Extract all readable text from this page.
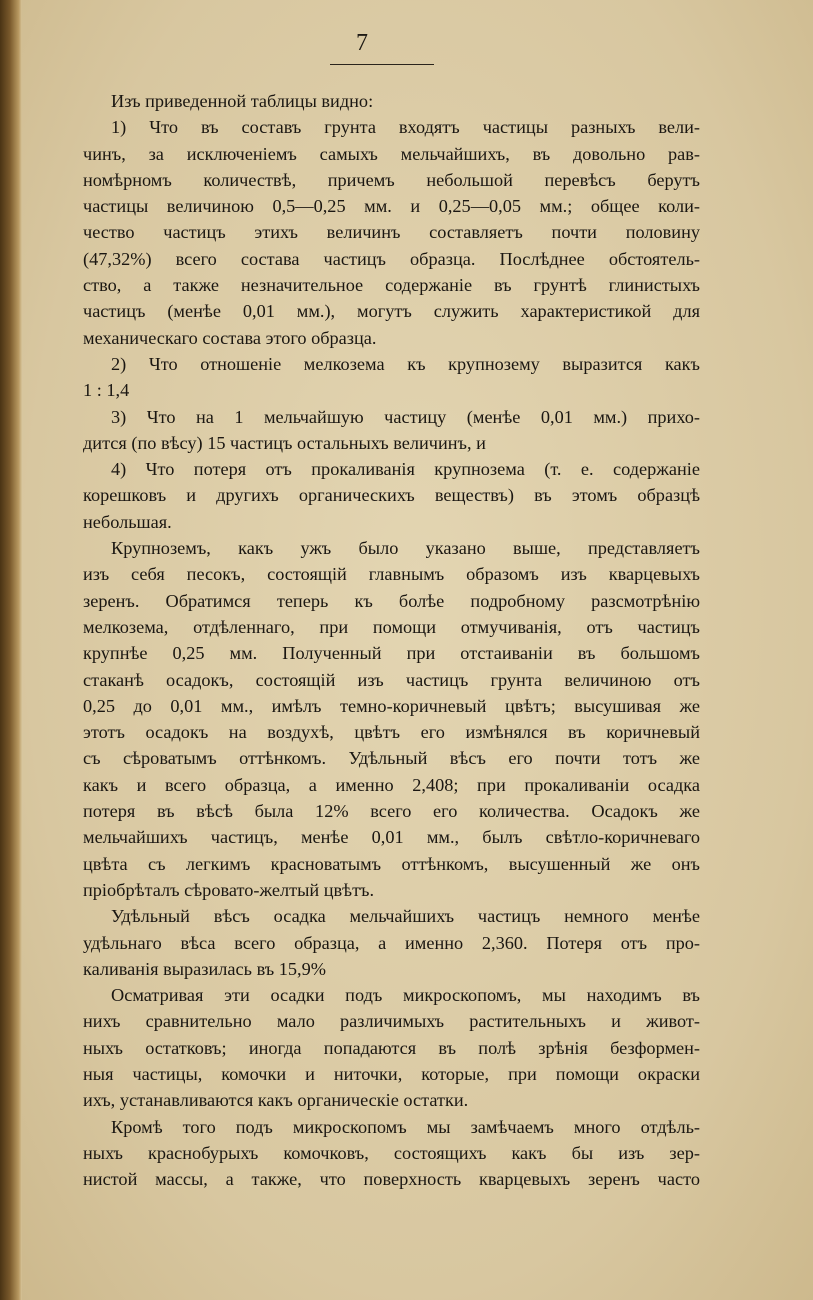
7
Изъ приведенной таблицы видно:
1) Что въ составъ грунта входятъ частицы разныхъ вели-
чинъ, за исключеніемъ самыхъ мельчайшихъ, въ довольно рав-
номѣрномъ количествѣ, причемъ небольшой перевѣсъ берутъ
частицы величиною 0,5—0,25 мм. и 0,25—0,05 мм.; общее коли-
чество частицъ этихъ величинъ составляетъ почти половину
(47,32%) всего состава частицъ образца. Послѣднее обстоятель-
ство, а также незначительное содержаніе въ грунтѣ глинистыхъ
частицъ (менѣе 0,01 мм.), могутъ служить характеристикой для
механическаго состава этого образца.
2) Что отношеніе мелкозема къ крупнозему выразится какъ
1 : 1,4
3) Что на 1 мельчайшую частицу (менѣе 0,01 мм.) прихо-
дится (по вѣсу) 15 частицъ остальныхъ величинъ, и
4) Что потеря отъ прокаливанія крупнозема (т. е. содержаніе
корешковъ и другихъ органическихъ веществъ) въ этомъ образцѣ
небольшая.
Крупноземъ, какъ ужъ было указано выше, представляетъ
изъ себя песокъ, состоящій главнымъ образомъ изъ кварцевыхъ
зеренъ. Обратимся теперь къ болѣе подробному разсмотрѣнію
мелкозема, отдѣленнаго, при помощи отмучиванія, отъ частицъ
крупнѣе 0,25 мм. Полученный при отстаиваніи въ большомъ
стаканѣ осадокъ, состоящій изъ частицъ грунта величиною отъ
0,25 до 0,01 мм., имѣлъ темно-коричневый цвѣтъ; высушивая же
этотъ осадокъ на воздухѣ, цвѣтъ его измѣнялся въ коричневый
съ сѣроватымъ оттѣнкомъ. Удѣльный вѣсъ его почти тотъ же
какъ и всего образца, а именно 2,408; при прокаливаніи осадка
потеря въ вѣсѣ была 12% всего его количества. Осадокъ же
мельчайшихъ частицъ, менѣе 0,01 мм., былъ свѣтло-коричневаго
цвѣта съ легкимъ красноватымъ оттѣнкомъ, высушенный же онъ
пріобрѣталъ сѣровато-желтый цвѣтъ.
Удѣльный вѣсъ осадка мельчайшихъ частицъ немного менѣе
удѣльнаго вѣса всего образца, а именно 2,360. Потеря отъ про-
каливанія выразилась въ 15,9%
Осматривая эти осадки подъ микроскопомъ, мы находимъ въ
нихъ сравнительно мало различимыхъ растительныхъ и живот-
ныхъ остатковъ; иногда попадаются въ полѣ зрѣнія безформен-
ныя частицы, комочки и ниточки, которые, при помощи окраски
ихъ, устанавливаются какъ органическіе остатки.
Кромѣ того подъ микроскопомъ мы замѣчаемъ много отдѣль-
ныхъ краснобурыхъ комочковъ, состоящихъ какъ бы изъ зер-
нистой массы, а также, что поверхность кварцевыхъ зеренъ часто
